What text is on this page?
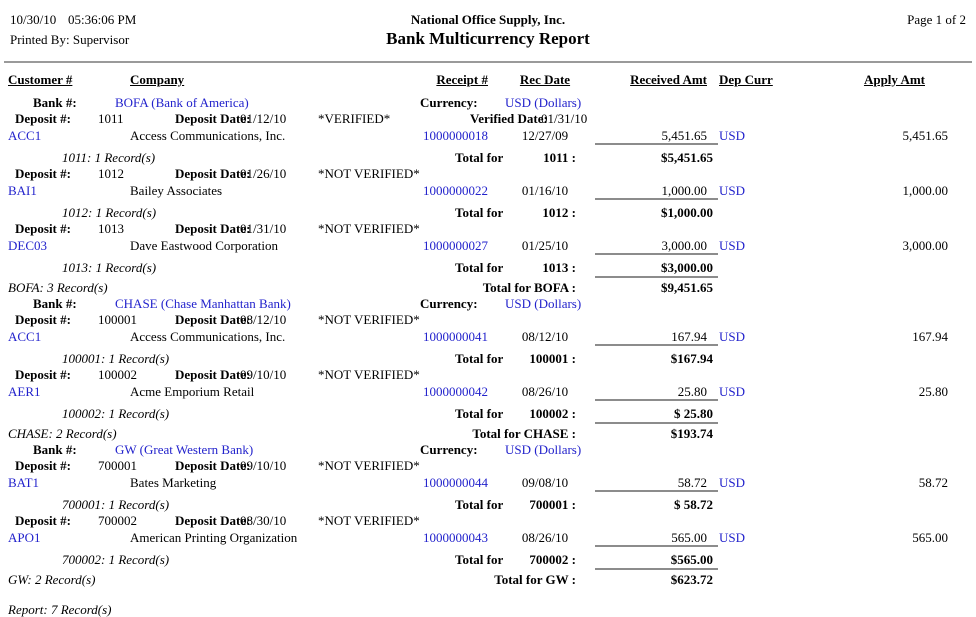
10/30/10 05:36:06 PM
Printed By: Supervisor
National Office Supply, Inc.
Bank Multicurrency Report
Page 1 of 2
Customer #	Company	Receipt #	Rec Date	Received Amt Dep Curr	Apply Amt
Bank #:	BOFA (Bank of America)	Currency: USD (Dollars)
Deposit #: 1011	Deposit Date:
01/12/10 *VERIFIED*	Verified Date:
01/31/10
ACC1	Access Communications, Inc.	1000000018	12/27/09	5,451.65 USD	5,451.65
1011: 1 Record(s)	Total for	1011 :	$5,451.65
Deposit #: 1012	Deposit Date:
01/26/10 *NOT VERIFIED*
BAI1	Bailey Associates	1000000022	01/16/10	1,000.00 USD	1,000.00
1012: 1 Record(s)	Total for	1012 :	$1,000.00
Deposit #: 1013	Deposit Date:
01/31/10 *NOT VERIFIED*
DEC03	Dave Eastwood Corporation	1000000027	01/25/10	3,000.00 USD	3,000.00
1013: 1 Record(s)	Total for	1013 :	$3,000.00
BOFA: 3 Record(s)	Total for BOFA :	$9,451.65
Bank #:	CHASE (Chase Manhattan Bank)	Currency: USD (Dollars)
Deposit #: 100001	Deposit Date:
08/12/10 *NOT VERIFIED*
ACC1	Access Communications, Inc.	1000000041	08/12/10	167.94 USD	167.94
100001: 1 Record(s)	Total for	100001 :	$167.94
Deposit #: 100002	Deposit Date:
09/10/10 *NOT VERIFIED*
AER1	Acme Emporium Retail	1000000042	08/26/10	25.80 USD	25.80
100002: 1 Record(s)	Total for	100002 :	$ 25.80
CHASE: 2 Record(s)	Total for CHASE :	$193.74
Bank #:	GW (Great Western Bank)	Currency: USD (Dollars)
Deposit #: 700001	Deposit Date:
09/10/10 *NOT VERIFIED*
BAT1	Bates Marketing	1000000044	09/08/10	58.72 USD	58.72
700001: 1 Record(s)	Total for	700001 :	$ 58.72
Deposit #: 700002	Deposit Date:
08/30/10 *NOT VERIFIED*
APO1	American Printing Organization	1000000043	08/26/10	565.00 USD	565.00
700002: 1 Record(s)	Total for	700002 :	$565.00
GW: 2 Record(s)	Total for GW :	$623.72
Report: 7 Record(s)
